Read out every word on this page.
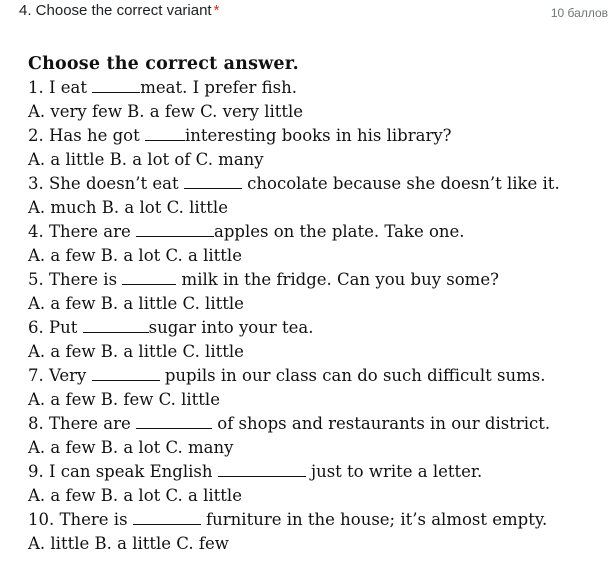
4. Choose the correct variant *	10 баллов
Choose the correct answer.
1. I eat	meat. I prefer fish.
A. very few B. a few C. very little
2. Has he got interesting books in his library?
A. a little B. a lot of C. many
3. She doesn’t eat	chocolate because she doesn’t like it.
A. much B. a lot C. little
4. There are	apples on the plate. Take one.
A. a few B. a lot C. a little
5. There is	milk in the fridge. Can you buy some?
A. a few B. a little C. little
6. Put	sugar into your tea.
A. a few B. a little C. little
7. Very	pupils in our class can do such difficult sums.
A. a few B. few C. little
8. There are	of shops and restaurants in our district.
A. a few B. a lot C. many
9. I can speak English	just to write a letter.
A. a few B. a lot C. a little
10. There is	furniture in the house; it’s almost empty.
A. little B. a little C. few
